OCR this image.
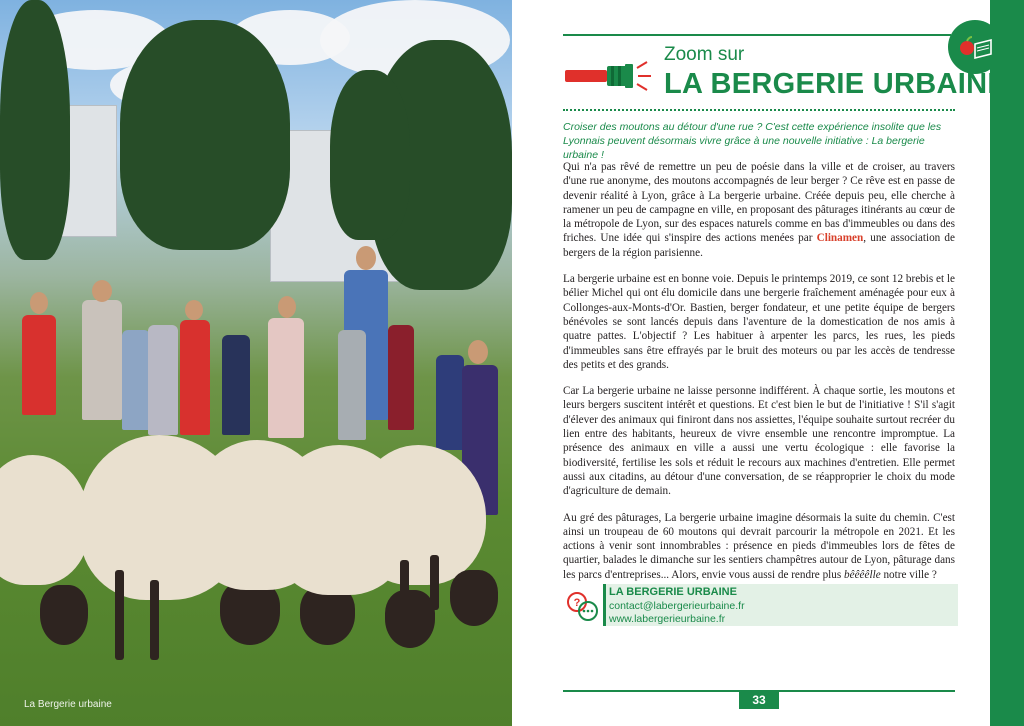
La Bergerie urbaine
Zoom sur
LA BERGERIE URBAINE
Croiser des moutons au détour d'une rue ? C'est cette expérience insolite que les Lyonnais peuvent désormais vivre grâce à une nouvelle initiative : La bergerie urbaine !

Qui n'a pas rêvé de remettre un peu de poésie dans la ville et de croiser, au travers d'une rue anonyme, des moutons accompagnés de leur berger ? Ce rêve est en passe de devenir réalité à Lyon, grâce à La bergerie urbaine. Créée depuis peu, elle cherche à ramener un peu de campagne en ville, en proposant des pâturages itinérants au cœur de la métropole de Lyon, sur des espaces naturels comme en bas d'immeubles ou dans des friches. Une idée qui s'inspire des actions menées par Clinamen, une association de bergers de la région parisienne.

La bergerie urbaine est en bonne voie. Depuis le printemps 2019, ce sont 12 brebis et le bélier Michel qui ont élu domicile dans une bergerie fraîchement aménagée pour eux à Collonges-aux-Monts-d'Or. Bastien, berger fondateur, et une petite équipe de bergers bénévoles se sont lancés depuis dans l'aventure de la domestication de nos amis à quatre pattes. L'objectif ? Les habituer à arpenter les parcs, les rues, les pieds d'immeubles sans être effrayés par le bruit des moteurs ou par les accès de tendresse des petits et des grands.

Car La bergerie urbaine ne laisse personne indifférent. À chaque sortie, les moutons et leurs bergers suscitent intérêt et questions. Et c'est bien le but de l'initiative ! S'il s'agit d'élever des animaux qui finiront dans nos assiettes, l'équipe souhaite surtout recréer du lien entre des habitants, heureux de vivre ensemble une rencontre impromptue. La présence des animaux en ville a aussi une vertu écologique : elle favorise la biodiversité, fertilise les sols et réduit le recours aux machines d'entretien. Elle permet aussi aux citadins, au détour d'une conversation, de se réapproprier le choix du mode d'agriculture de demain.

Au gré des pâturages, La bergerie urbaine imagine désormais la suite du chemin. C'est ainsi un troupeau de 60 moutons qui devrait parcourir la métropole en 2021. Et les actions à venir sont innombrables : présence en pieds d'immeubles lors de fêtes de quartier, balades le dimanche sur les sentiers champêtres autour de Lyon, pâturage dans les parcs d'entreprises... Alors, envie vous aussi de rendre plus bêêêêlle notre ville ?

?
LA BERGERIE URBAINE
contact@labergerieurbaine.fr
www.labergerieurbaine.fr
33
